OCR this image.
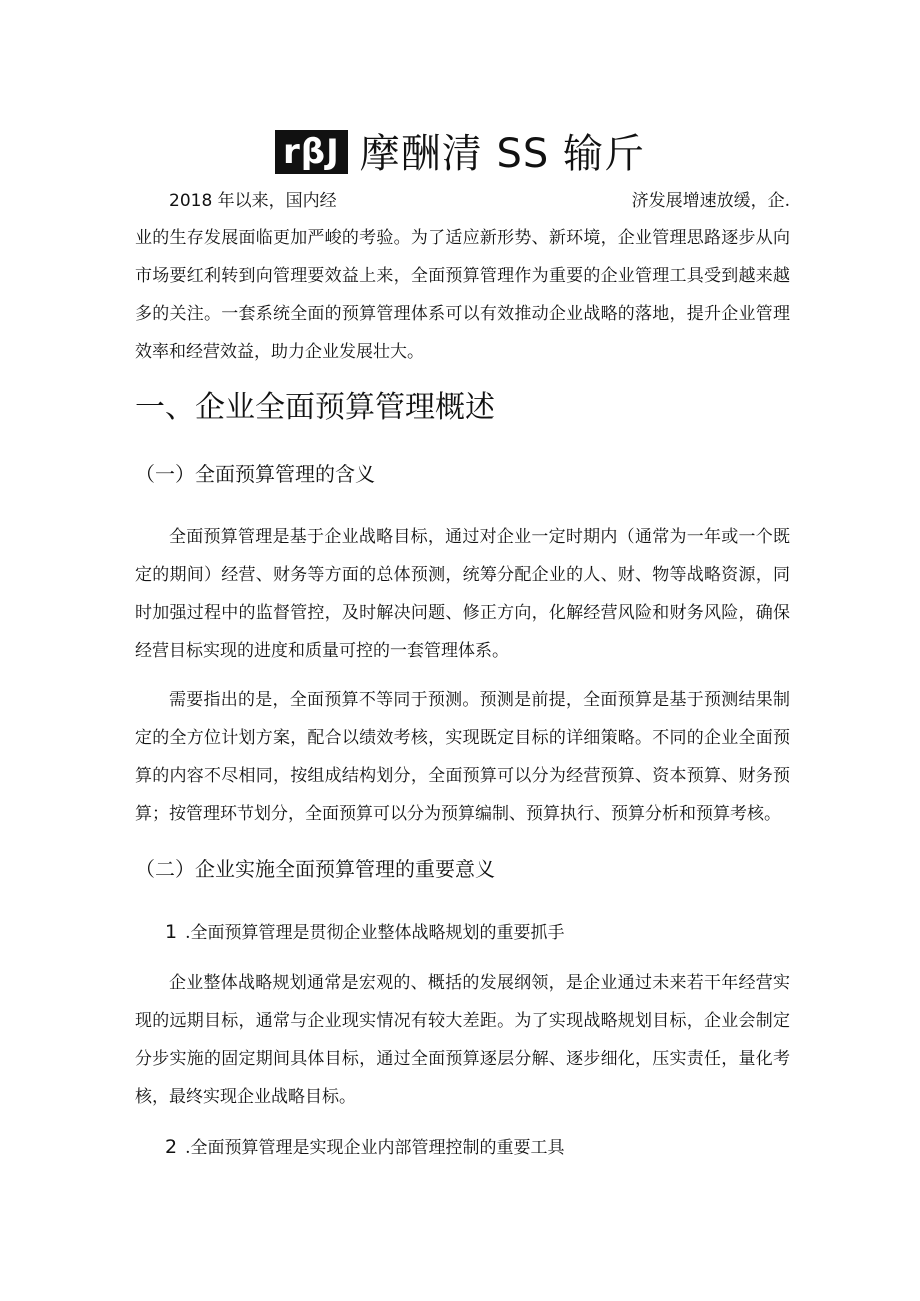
rβJ 摩酬清 SS 输斤
2018 年以来，国内经	济发展增速放缓，企.

业的生存发展面临更加严峻的考验。为了适应新形势、新环境，企业管理思路逐步从向市场要红利转到向管理要效益上来，全面预算管理作为重要的企业管理工具受到越来越多的关注。一套系统全面的预算管理体系可以有效推动企业战略的落地，提升企业管理效率和经营效益，助力企业发展壮大。

一、企业全面预算管理概述
（一）全面预算管理的含义

全面预算管理是基于企业战略目标，通过对企业一定时期内（通常为一年或一个既定的期间）经营、财务等方面的总体预测，统筹分配企业的人、财、物等战略资源，同时加强过程中的监督管控，及时解决问题、修正方向，化解经营风险和财务风险，确保经营目标实现的进度和质量可控的一套管理体系。

需要指出的是，全面预算不等同于预测。预测是前提，全面预算是基于预测结果制定的全方位计划方案，配合以绩效考核，实现既定目标的详细策略。不同的企业全面预算的内容不尽相同，按组成结构划分，全面预算可以分为经营预算、资本预算、财务预算；按管理环节划分，全面预算可以分为预算编制、预算执行、预算分析和预算考核。

（二）企业实施全面预算管理的重要意义
1 .全面预算管理是贯彻企业整体战略规划的重要抓手

企业整体战略规划通常是宏观的、概括的发展纲领，是企业通过未来若干年经营实现的远期目标，通常与企业现实情况有较大差距。为了实现战略规划目标，企业会制定分步实施的固定期间具体目标，通过全面预算逐层分解、逐步细化，压实责任，量化考核，最终实现企业战略目标。

2 .全面预算管理是实现企业内部管理控制的重要工具
